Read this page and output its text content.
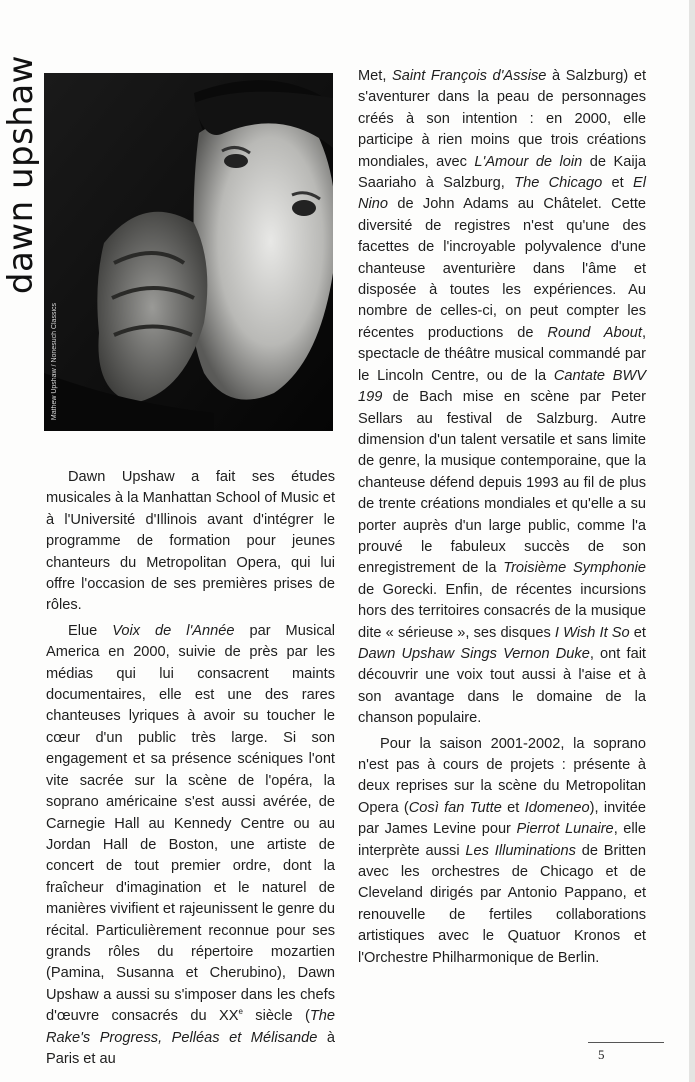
dawn upshaw
Mathew Upshaw / Nonesuch Classics

Dawn Upshaw a fait ses études musicales à la Manhattan School of Music et à l'Université d'Illinois avant d'intégrer le programme de formation pour jeunes chanteurs du Metropolitan Opera, qui lui offre l'occasion de ses premières prises de rôles.

Elue Voix de l'Année par Musical America en 2000, suivie de près par les médias qui lui consacrent maints documentaires, elle est une des rares chanteuses lyriques à avoir su toucher le cœur d'un public très large. Si son engagement et sa présence scéniques l'ont vite sacrée sur la scène de l'opéra, la soprano américaine s'est aussi avérée, de Carnegie Hall au Kennedy Centre ou au Jordan Hall de Boston, une artiste de concert de tout premier ordre, dont la fraîcheur d'imagination et le naturel de manières vivifient et rajeunissent le genre du récital. Particulièrement reconnue pour ses grands rôles du répertoire mozartien (Pamina, Susanna et Cherubino), Dawn Upshaw a aussi su s'imposer dans les chefs d'œuvre consacrés du XXe siècle (The Rake's Progress, Pelléas et Mélisande à Paris et au

Met, Saint François d'Assise à Salzburg) et s'aventurer dans la peau de personnages créés à son intention : en 2000, elle participe à rien moins que trois créations mondiales, avec L'Amour de loin de Kaija Saariaho à Salzburg, The Chicago et El Nino de John Adams au Châtelet. Cette diversité de registres n'est qu'une des facettes de l'incroyable polyvalence d'une chanteuse aventurière dans l'âme et disposée à toutes les expériences. Au nombre de celles-ci, on peut compter les récentes productions de Round About, spectacle de théâtre musical commandé par le Lincoln Centre, ou de la Cantate BWV 199 de Bach mise en scène par Peter Sellars au festival de Salzburg. Autre dimension d'un talent versatile et sans limite de genre, la musique contemporaine, que la chanteuse défend depuis 1993 au fil de plus de trente créations mondiales et qu'elle a su porter auprès d'un large public, comme l'a prouvé le fabuleux succès de son enregistrement de la Troisième Symphonie de Gorecki. Enfin, de récentes incursions hors des territoires consacrés de la musique dite « sérieuse », ses disques I Wish It So et Dawn Upshaw Sings Vernon Duke, ont fait découvrir une voix tout aussi à l'aise et à son avantage dans le domaine de la chanson populaire.

Pour la saison 2001-2002, la soprano n'est pas à cours de projets : présente à deux reprises sur la scène du Metropolitan Opera (Così fan Tutte et Idomeneo), invitée par James Levine pour Pierrot Lunaire, elle interprète aussi Les Illuminations de Britten avec les orchestres de Chicago et de Cleveland dirigés par Antonio Pappano, et renouvelle de fertiles collaborations artistiques avec le Quatuor Kronos et l'Orchestre Philharmonique de Berlin.

5
